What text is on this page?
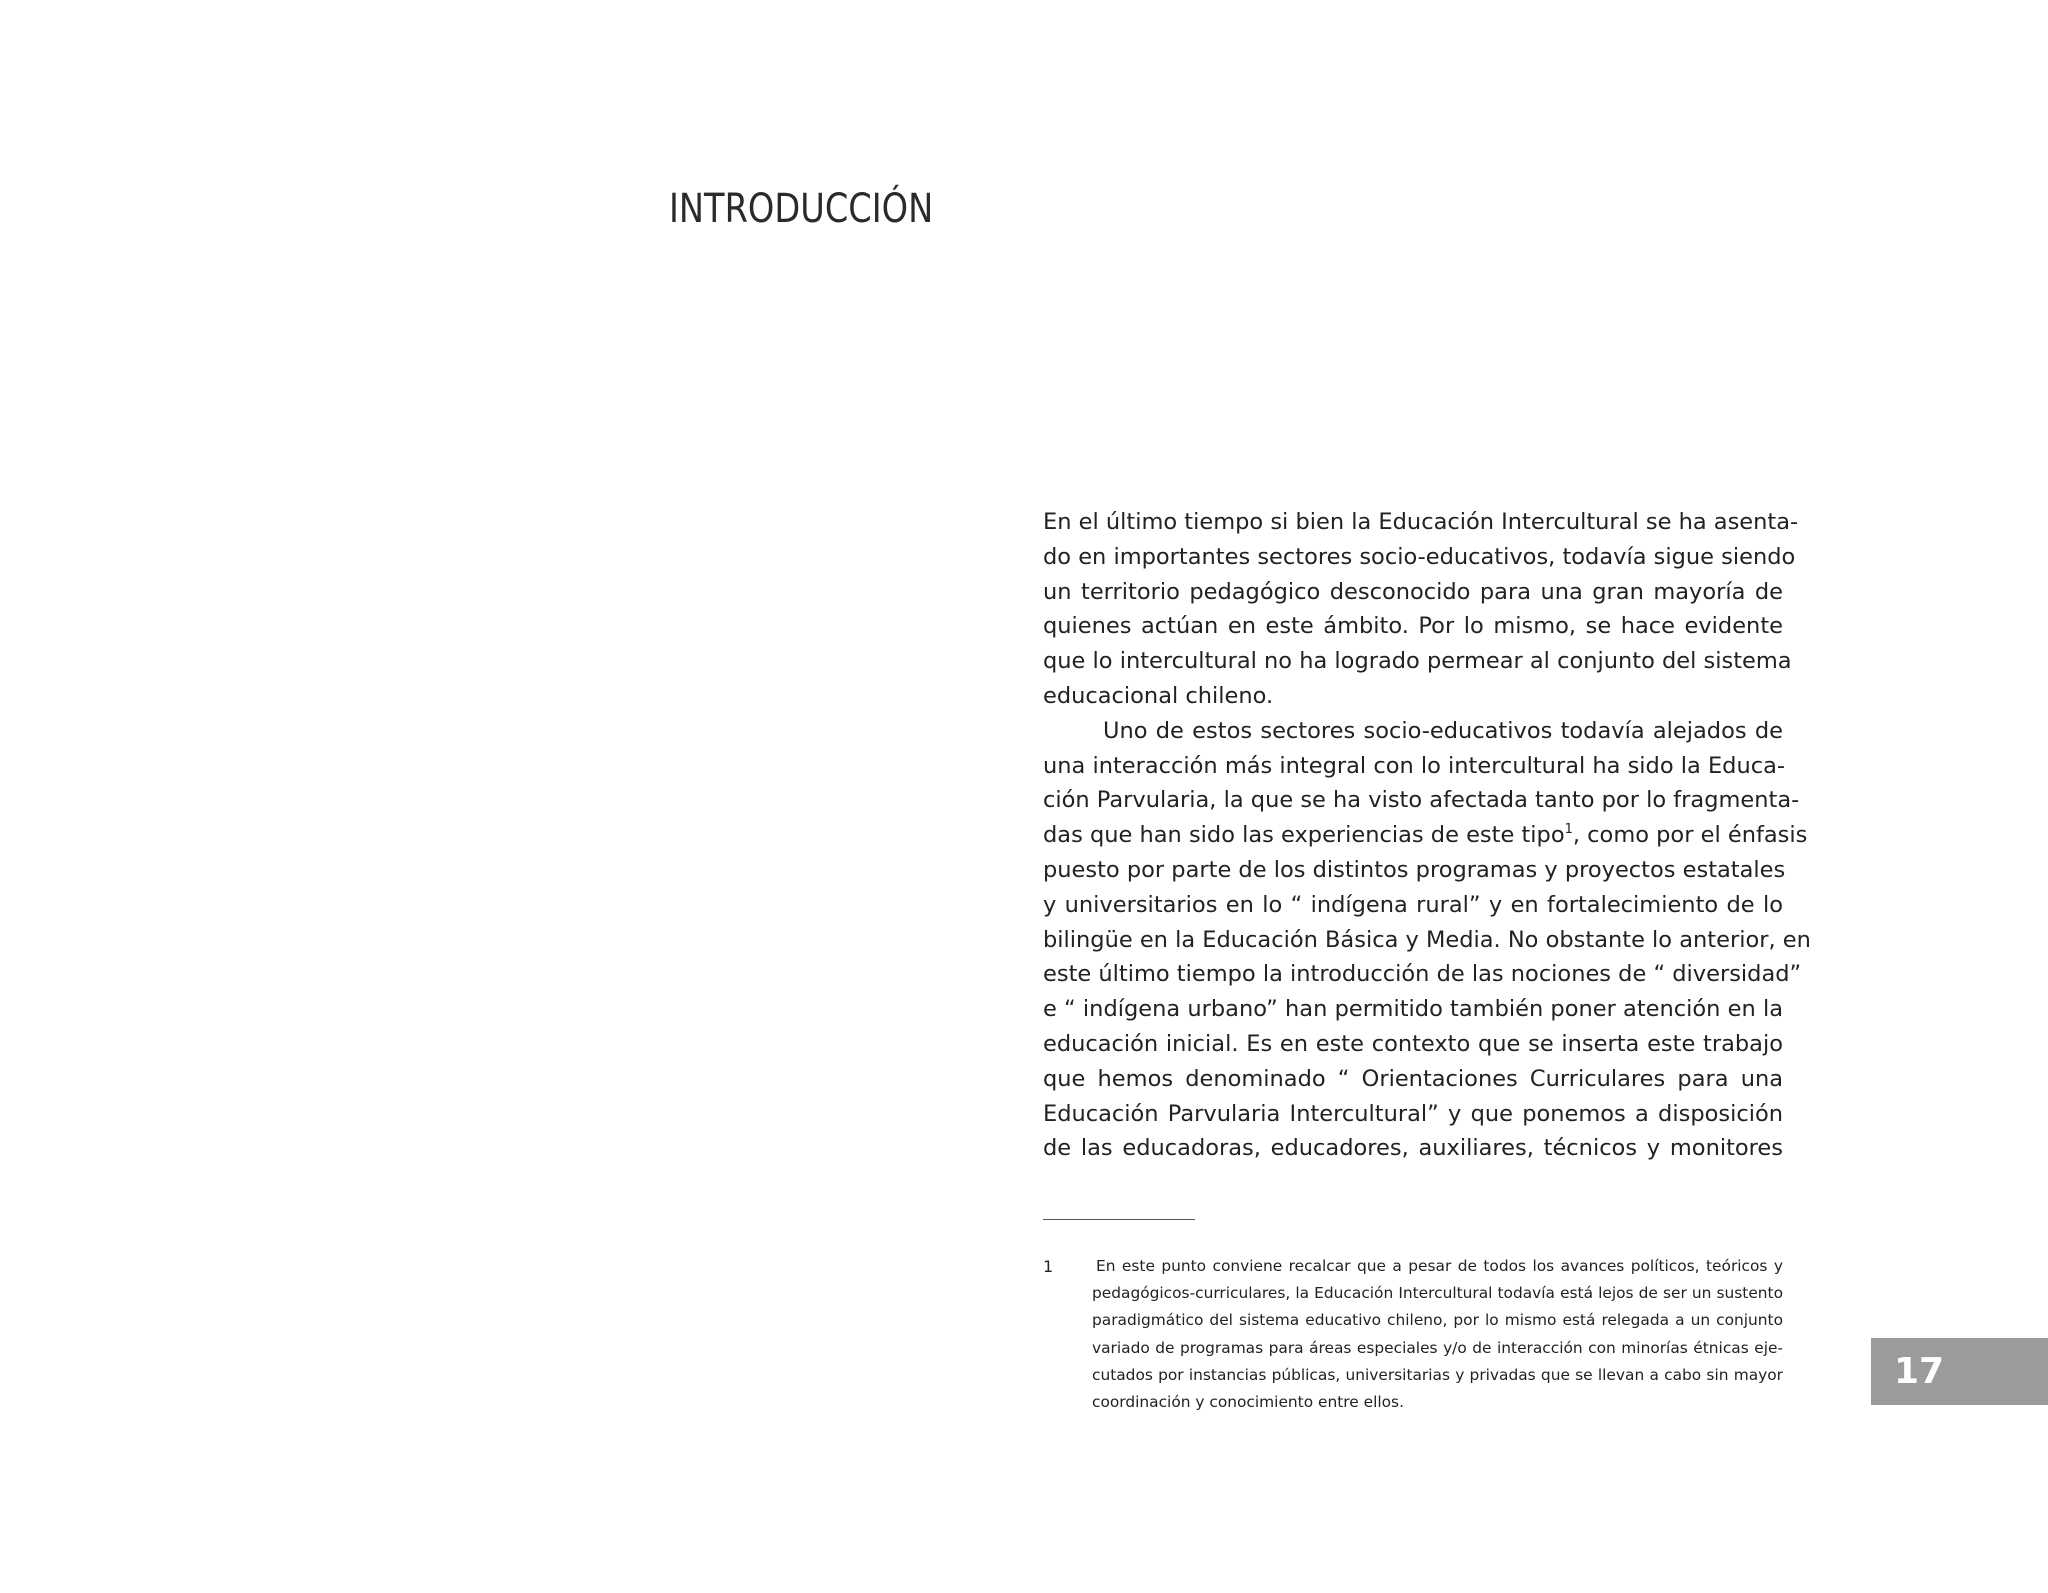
INTRODUCCIÓN
En el último tiempo si bien la Educación Intercultural se ha asenta-
do en importantes sectores socio-educativos, todavía sigue siendo
un territorio pedagógico desconocido para una gran mayoría de
quienes actúan en este ámbito. Por lo mismo, se hace evidente
que lo intercultural no ha logrado permear al conjunto del sistema
educacional chileno.
Uno de estos sectores socio-educativos todavía alejados de
una interacción más integral con lo intercultural ha sido la Educa-
ción Parvularia, la que se ha visto afectada tanto por lo fragmenta-
das que han sido las experiencias de este tipo$^1$, como por el énfasis
puesto por parte de los distintos programas y proyectos estatales
y universitarios en lo “ indígena rural” y en fortalecimiento de lo
bilingüe en la Educación Básica y Media. No obstante lo anterior, en
este último tiempo la introducción de las nociones de “ diversidad”
e “ indígena urbano” han permitido también poner atención en la
educación inicial. Es en este contexto que se inserta este trabajo
que hemos denominado “ Orientaciones Curriculares para una
Educación Parvularia Intercultural” y que ponemos a disposición
de las educadoras, educadores, auxiliares, técnicos y monitores
1	En este punto conviene recalcar que a pesar de todos los avances políticos, teóricos y
pedagógicos-curriculares, la Educación Intercultural todavía está lejos de ser un sustento
paradigmático del sistema educativo chileno, por lo mismo está relegada a un conjunto
variado de programas para áreas especiales y/o de interacción con minorías étnicas eje-
cutados por instancias públicas, universitarias y privadas que se llevan a cabo sin mayor
coordinación y conocimiento entre ellos.
17
